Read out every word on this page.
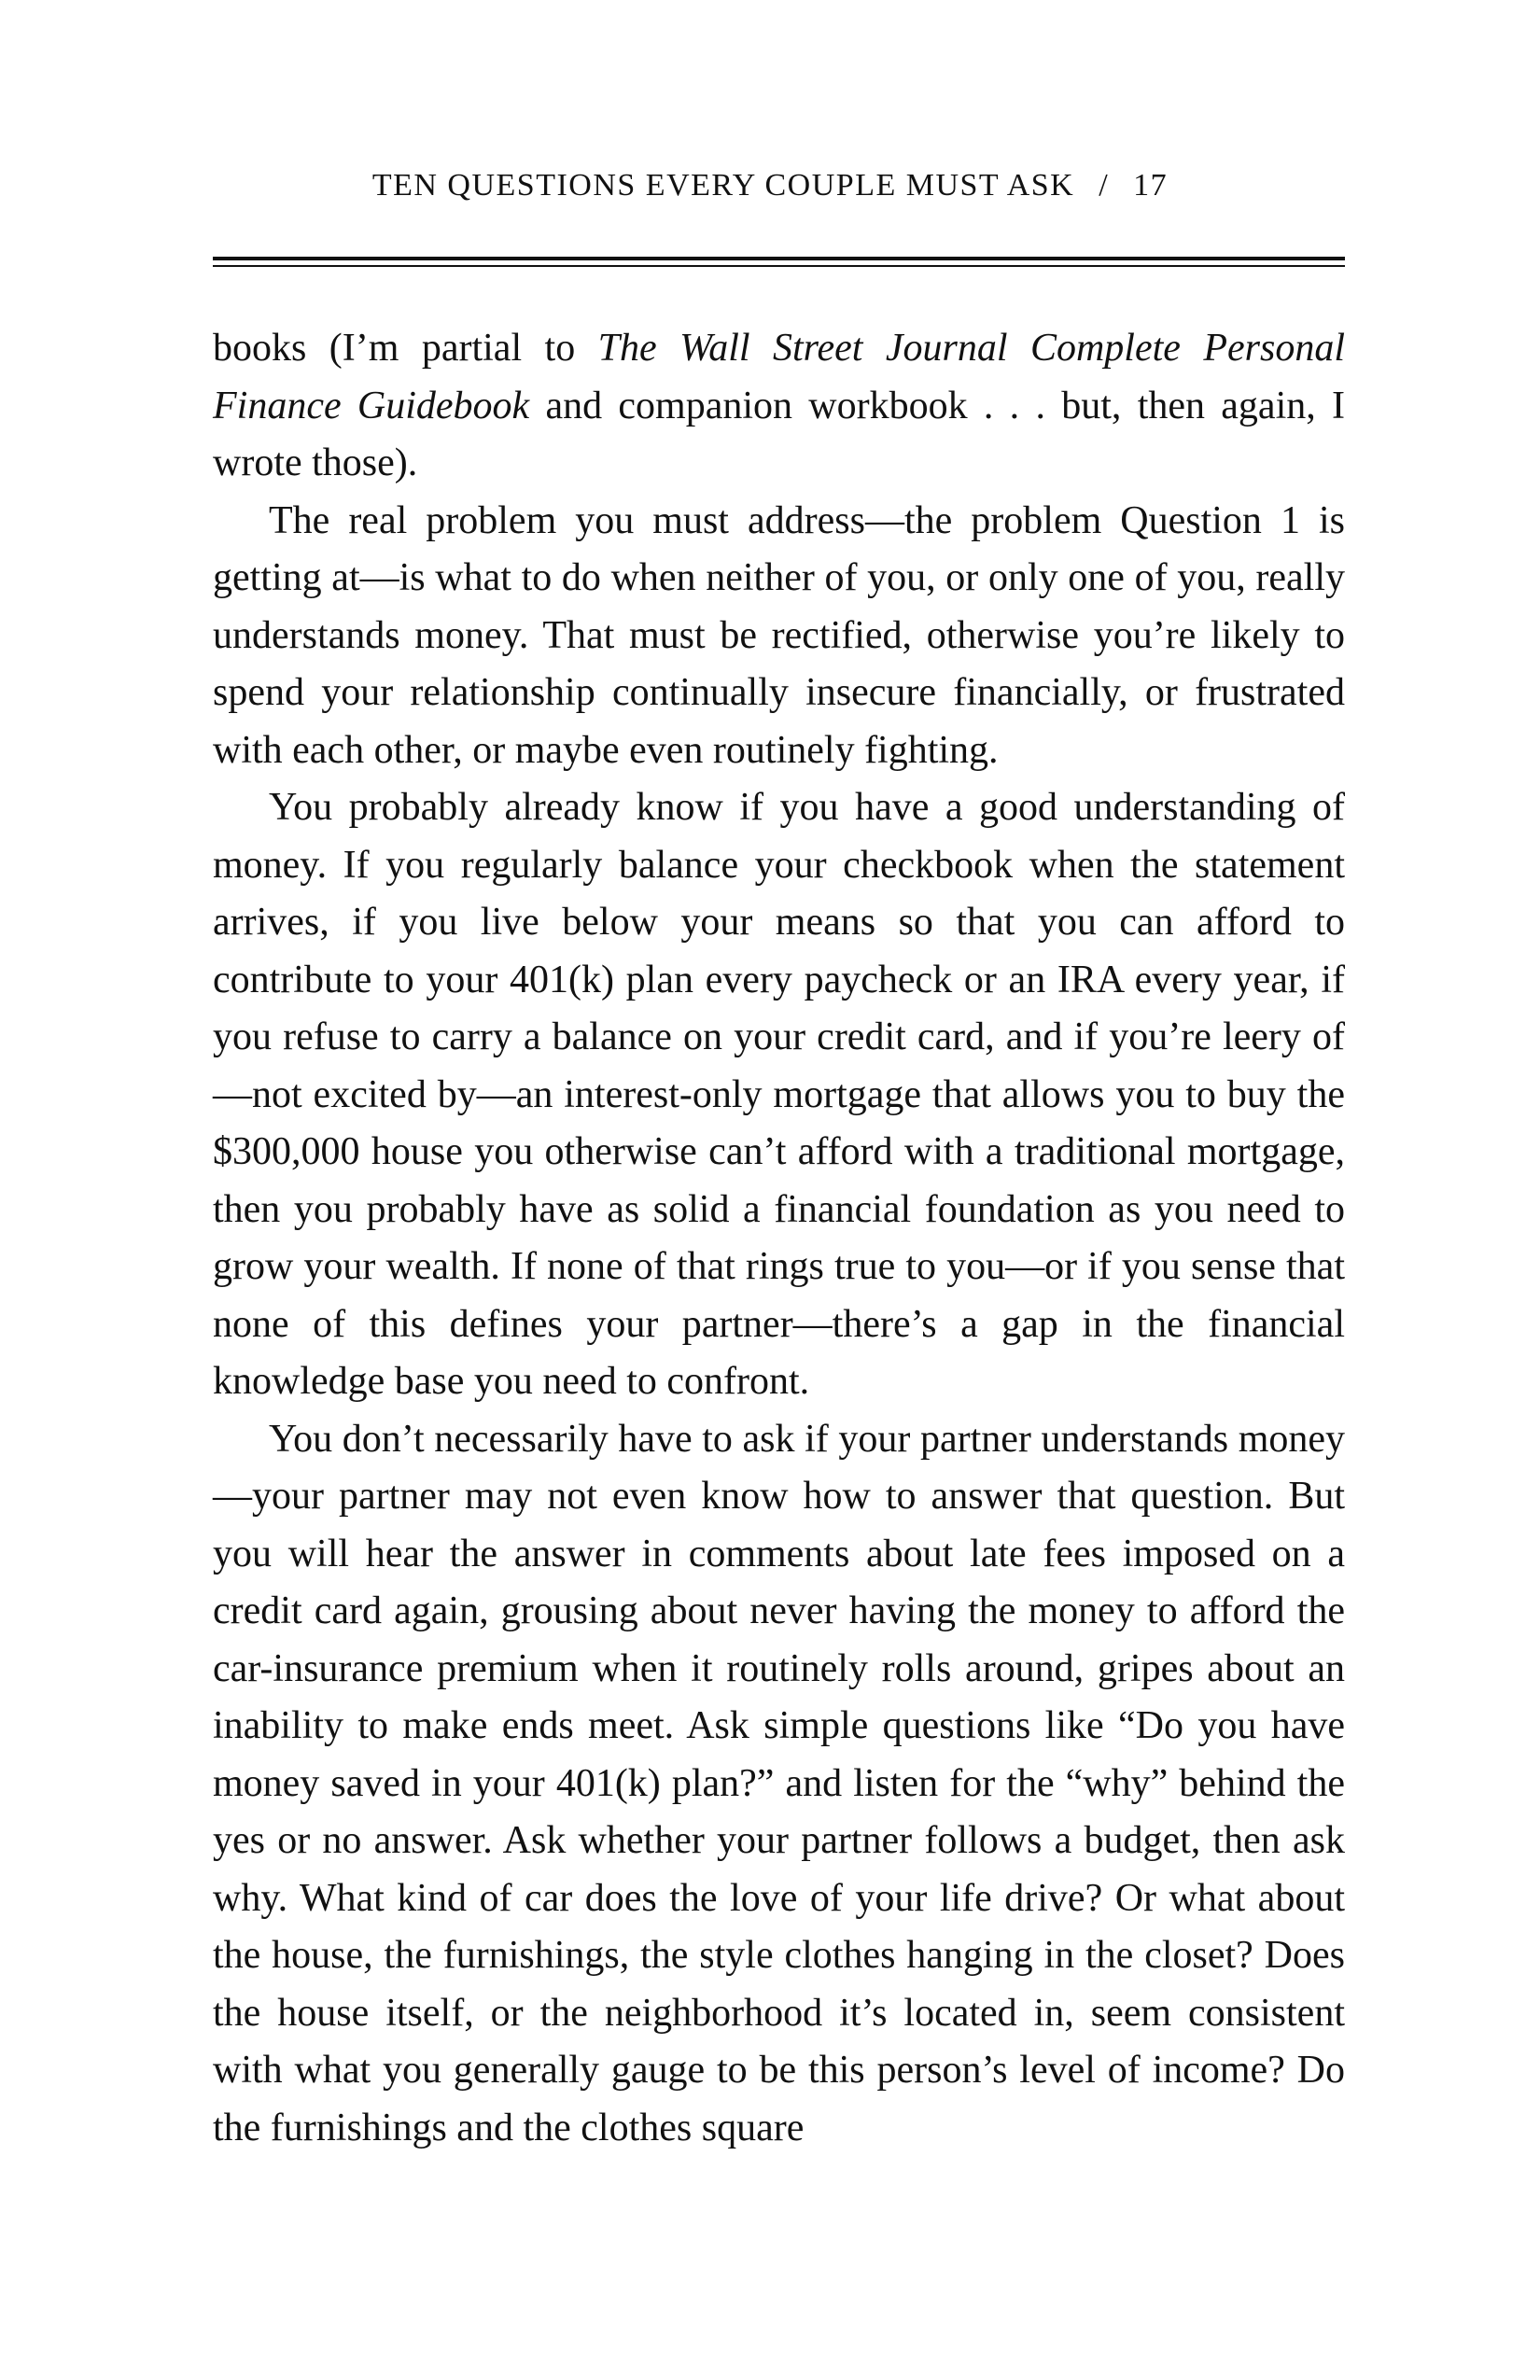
TEN QUESTIONS EVERY COUPLE MUST ASK / 17

books (I’m partial to The Wall Street Journal Complete Personal Finance Guidebook and companion workbook . . . but, then again, I wrote those).

The real problem you must address—the problem Question 1 is getting at—is what to do when neither of you, or only one of you, really understands money. That must be rectified, otherwise you’re likely to spend your relationship continually insecure financially, or frustrated with each other, or maybe even routinely fighting.

You probably already know if you have a good understanding of money. If you regularly balance your checkbook when the statement arrives, if you live below your means so that you can afford to contribute to your 401(k) plan every paycheck or an IRA every year, if you refuse to carry a balance on your credit card, and if you’re leery of—not excited by—an interest-only mortgage that allows you to buy the $300,000 house you otherwise can’t afford with a traditional mortgage, then you probably have as solid a financial foundation as you need to grow your wealth. If none of that rings true to you—or if you sense that none of this defines your partner—there’s a gap in the financial knowledge base you need to confront.

You don’t necessarily have to ask if your partner understands money—your partner may not even know how to answer that question. But you will hear the answer in comments about late fees imposed on a credit card again, grousing about never having the money to afford the car-insurance premium when it routinely rolls around, gripes about an inability to make ends meet. Ask simple questions like “Do you have money saved in your 401(k) plan?” and listen for the “why” behind the yes or no answer. Ask whether your partner follows a budget, then ask why. What kind of car does the love of your life drive? Or what about the house, the furnishings, the style clothes hanging in the closet? Does the house itself, or the neighborhood it’s located in, seem consistent with what you generally gauge to be this person’s level of income? Do the furnishings and the clothes square
